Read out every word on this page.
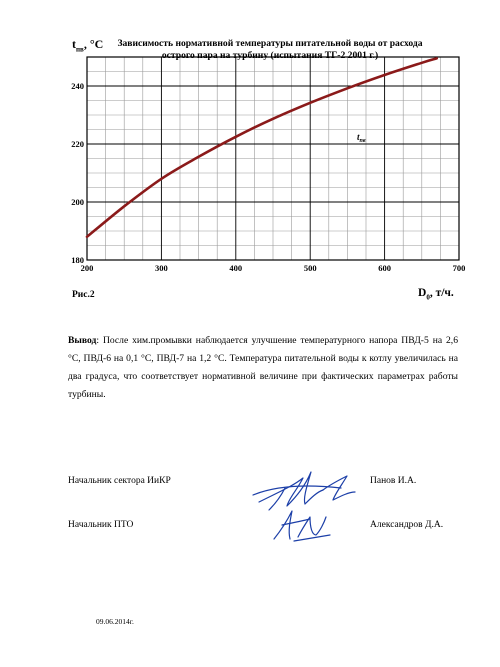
200	300	400	500	600	700
180
200
220
240
$t_{пв}$
$t_{пв}$, °C	Зависимость нормативной температуры питательной воды от расхода острого пара на турбину (испытания ТГ-2 2001 г.)
Рис.2	$D_0$, т/ч.
Вывод: После хим.промывки наблюдается улучшение температурного напора ПВД-5 на 2,6 °С, ПВД-6 на 0,1 °С, ПВД-7 на 1,2 °С. Температура питательной воды к котлу увеличилась на два градуса, что соответствует нормативной величине при фактических параметрах работы турбины.
Начальник сектора ИиКР	Панов И.А.
Начальник ПТО	Александров Д.А.
09.06.2014г.
